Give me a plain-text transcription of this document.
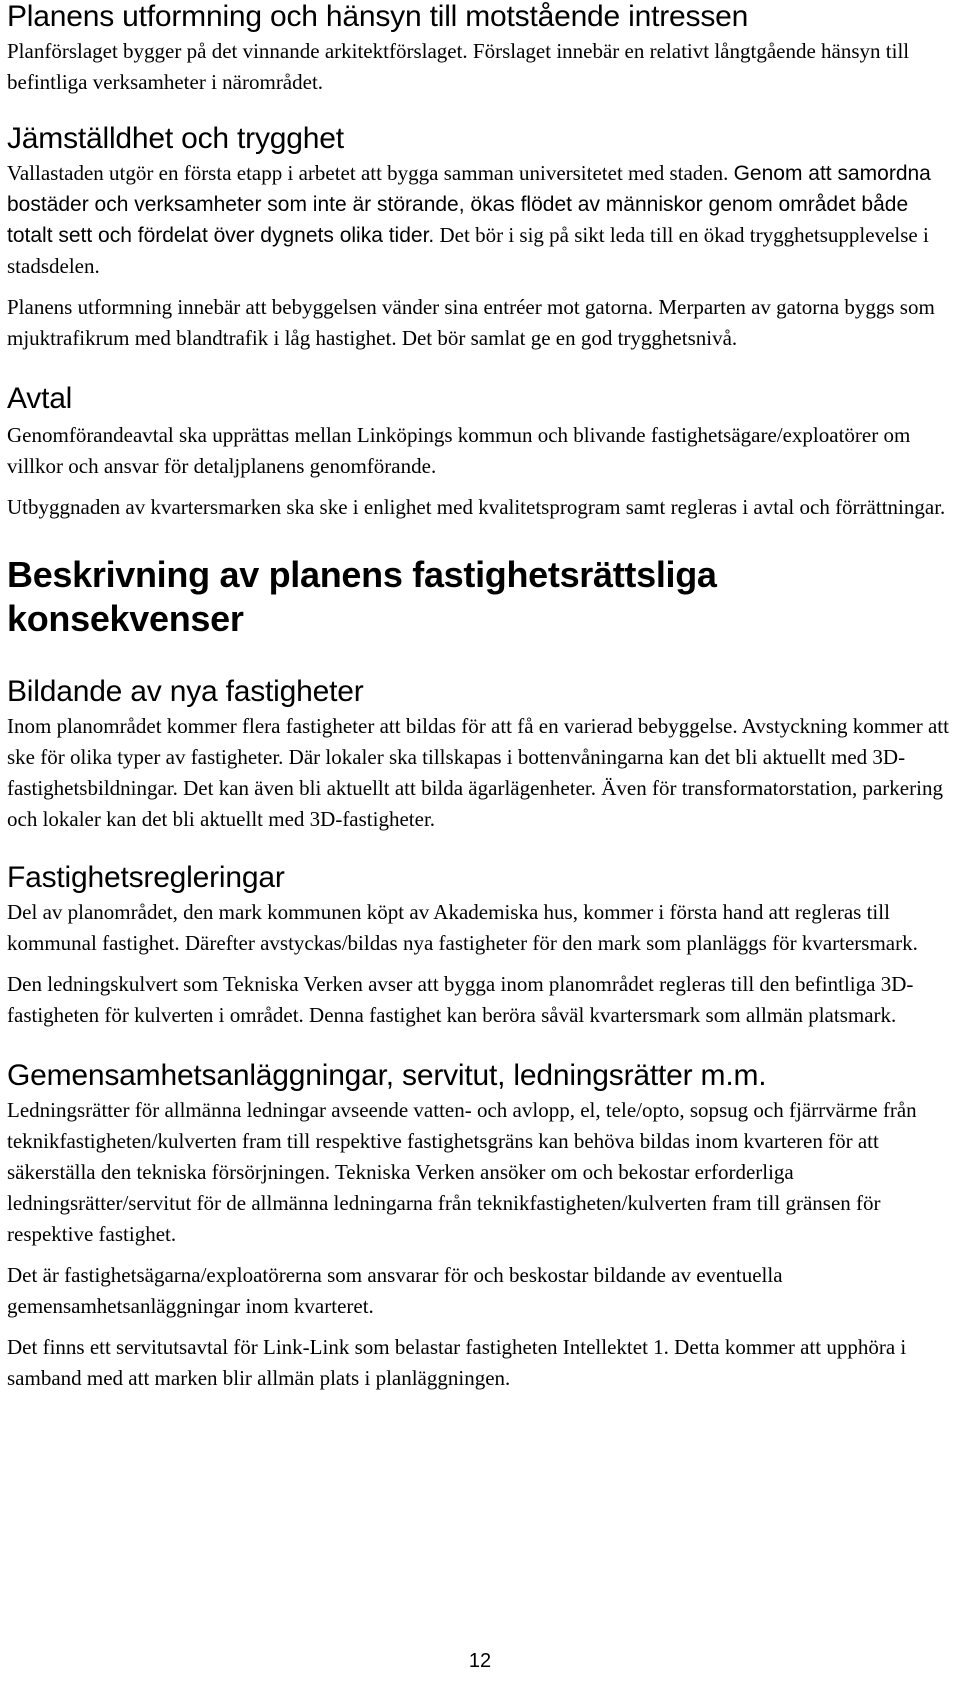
Planens utformning och hänsyn till motstående intressen

Planförslaget bygger på det vinnande arkitektförslaget. Förslaget innebär en relativt långtgående hänsyn till befintliga verksamheter i närområdet.

Jämställdhet och trygghet

Vallastaden utgör en första etapp i arbetet att bygga samman universitetet med staden. Genom att samordna bostäder och verksamheter som inte är störande, ökas flödet av människor genom området både totalt sett och fördelat över dygnets olika tider. Det bör i sig på sikt leda till en ökad trygghetsupplevelse i stadsdelen.

Planens utformning innebär att bebyggelsen vänder sina entréer mot gatorna. Merparten av gatorna byggs som mjuktrafikrum med blandtrafik i låg hastighet. Det bör samlat ge en god trygghetsnivå.

Avtal

Genomförandeavtal ska upprättas mellan Linköpings kommun och blivande fastighetsägare/exploatörer om villkor och ansvar för detaljplanens genomförande.

Utbyggnaden av kvartersmarken ska ske i enlighet med kvalitetsprogram samt regleras i avtal och förrättningar.

Beskrivning av planens fastighetsrättsliga konsekvenser
Bildande av nya fastigheter

Inom planområdet kommer flera fastigheter att bildas för att få en varierad bebyggelse. Avstyckning kommer att ske för olika typer av fastigheter. Där lokaler ska tillskapas i bottenvåningarna kan det bli aktuellt med 3D-fastighetsbildningar. Det kan även bli aktuellt att bilda ägarlägenheter. Även för transformatorstation, parkering och lokaler kan det bli aktuellt med 3D-fastigheter.

Fastighetsregleringar

Del av planområdet, den mark kommunen köpt av Akademiska hus, kommer i första hand att regleras till kommunal fastighet. Därefter avstyckas/bildas nya fastigheter för den mark som planläggs för kvartersmark.

Den ledningskulvert som Tekniska Verken avser att bygga inom planområdet regleras till den befintliga 3D-fastigheten för kulverten i området. Denna fastighet kan beröra såväl kvartersmark som allmän platsmark.

Gemensamhetsanläggningar, servitut, ledningsrätter m.m.

Ledningsrätter för allmänna ledningar avseende vatten- och avlopp, el, tele/opto, sopsug och fjärrvärme från teknikfastigheten/kulverten fram till respektive fastighetsgräns kan behöva bildas inom kvarteren för att säkerställa den tekniska försörjningen. Tekniska Verken ansöker om och bekostar erforderliga ledningsrätter/servitut för de allmänna ledningarna från teknikfastigheten/kulverten fram till gränsen för respektive fastighet.

Det är fastighetsägarna/exploatörerna som ansvarar för och beskostar bildande av eventuella gemensamhetsanläggningar inom kvarteret.

Det finns ett servitutsavtal för Link-Link som belastar fastigheten Intellektet 1. Detta kommer att upphöra i samband med att marken blir allmän plats i planläggningen.

12
